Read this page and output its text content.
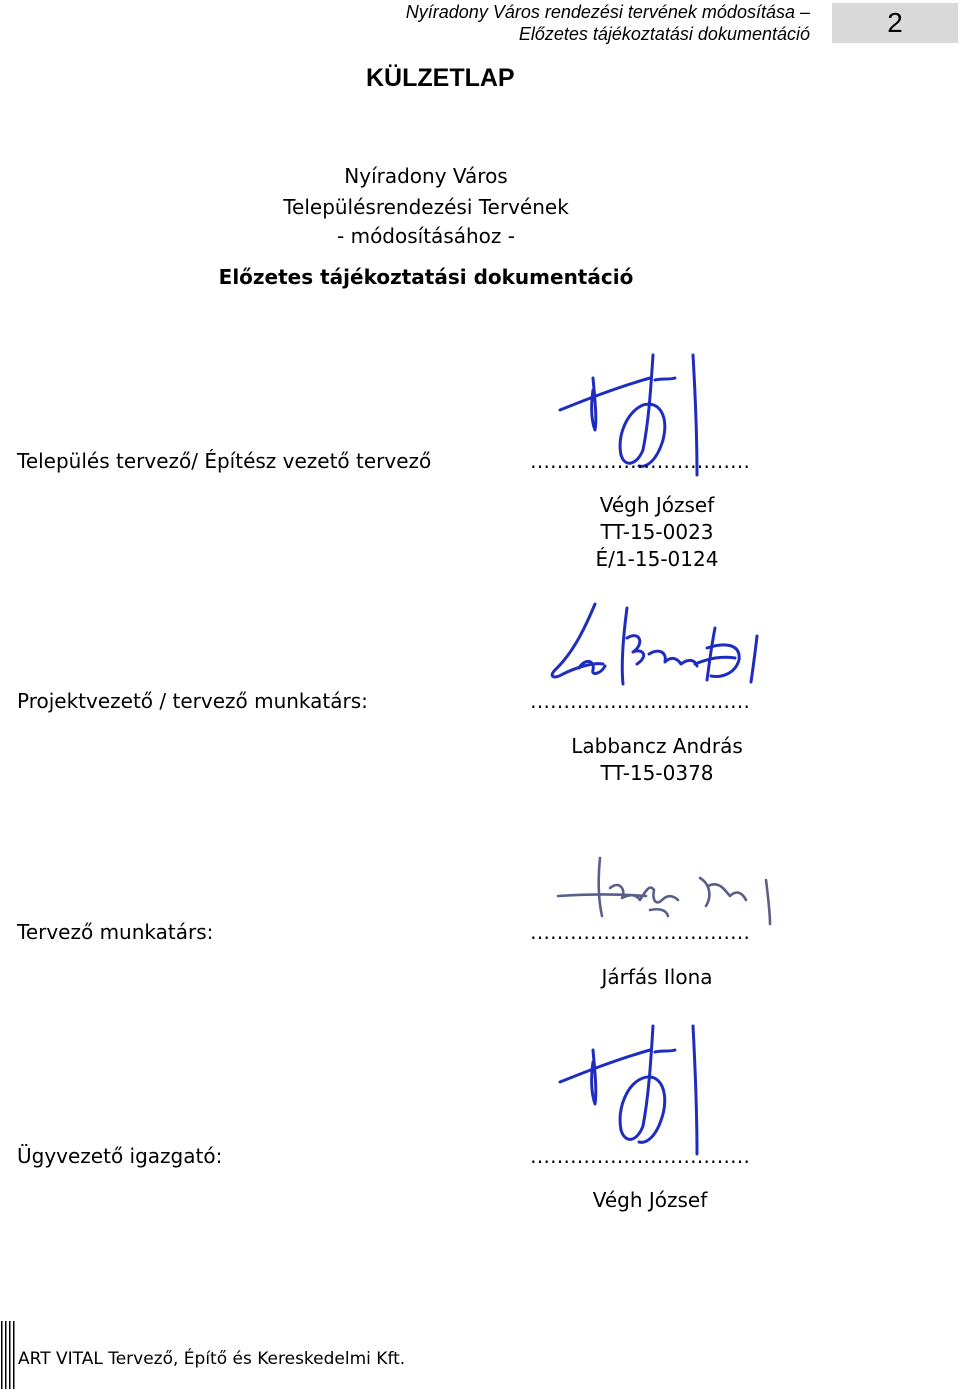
Nyíradony Város rendezési tervének módosítása –
Előzetes tájékoztatási dokumentáció	2
KÜLZETLAP
Nyíradony Város
Településrendezési Tervének
- módosításához -
Előzetes tájékoztatási dokumentáció
Település tervező/ Építész vezető tervező	……………………………
Végh József
TT-15-0023
É/1-15-0124
Projektvezető / tervező munkatárs:	……………………………
Labbancz András
TT-15-0378
Tervező munkatárs:	……………………………
Járfás Ilona
Ügyvezető igazgató:	……………………………
Végh József
ART VITAL Tervező, Építő és Kereskedelmi Kft.
